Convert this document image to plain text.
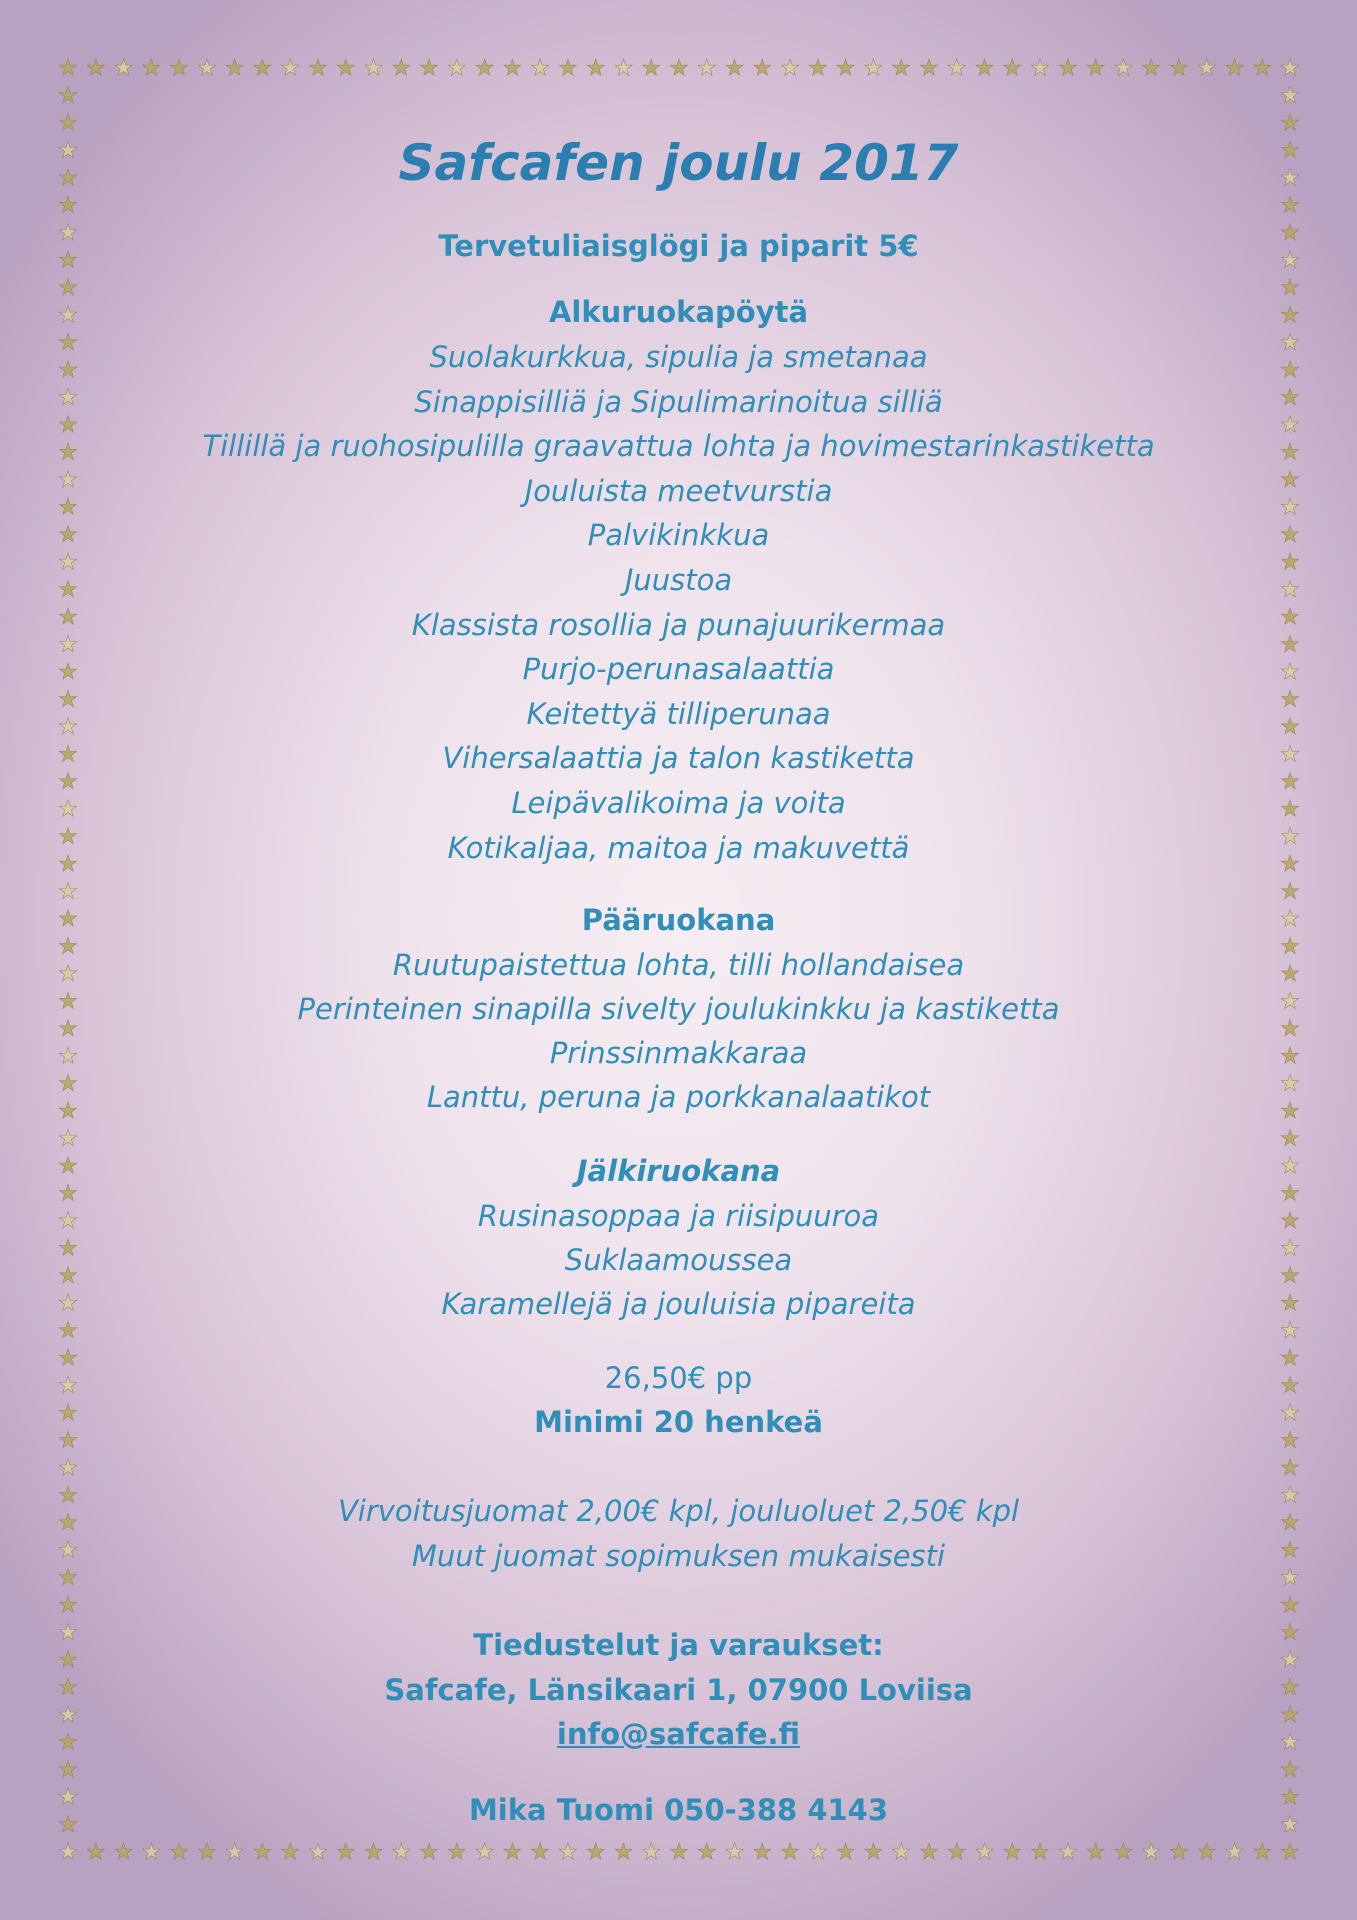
Safcafen joulu 2017
Tervetuliaisglögi ja piparit 5€
Alkuruokapöytä
Suolakurkkua, sipulia ja smetanaa
Sinappisilliä ja Sipulimarinoitua silliä
Tillillä ja ruohosipulilla graavattua lohta ja hovimestarinkastiketta
Jouluista meetvurstia
Palvikinkkua
Juustoa
Klassista rosollia ja punajuurikermaa
Purjo-perunasalaattia
Keitettyä tilliperunaa
Vihersalaattia ja talon kastiketta
Leipävalikoima ja voita
Kotikaljaa, maitoa ja makuvettä
Pääruokana
Ruutupaistettua lohta, tilli hollandaisea
Perinteinen sinapilla sivelty joulukinkku ja kastiketta
Prinssinmakkaraa
Lanttu, peruna ja porkkanalaatikot
Jälkiruokana
Rusinasoppaa ja riisipuuroa
Suklaamoussea
Karamellejä ja jouluisia pipareita
26,50€ pp
Minimi 20 henkeä
Virvoitusjuomat 2,00€ kpl, jouluoluet 2,50€ kpl
Muut juomat sopimuksen mukaisesti
Tiedustelut ja varaukset:
Safcafe, Länsikaari 1, 07900 Loviisa
info@safcafe.fi
Mika Tuomi 050-388 4143
